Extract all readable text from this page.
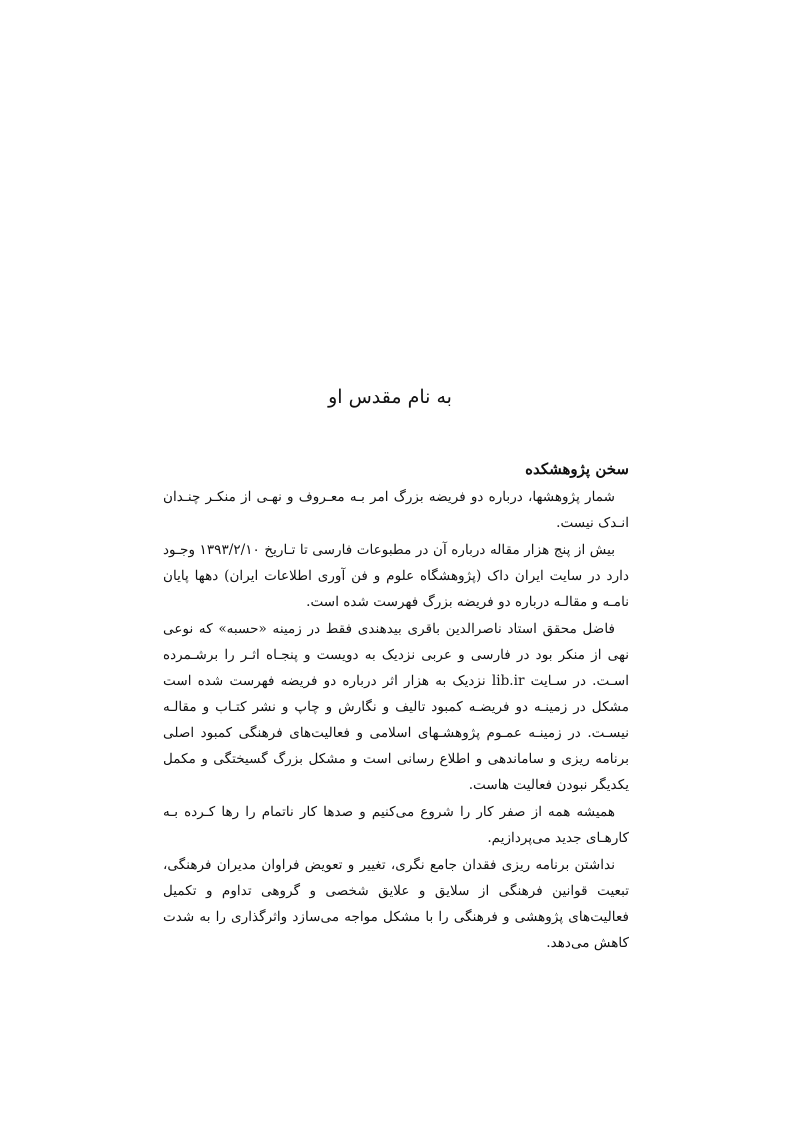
به نام مقدس او
سخن پژوهشکده

شمار پژوهشها، درباره دو فریضه بزرگ امر بـه معـروف و نهـی از منکـر چنـدان انـدک نیست.

بیش از پنج هزار مقاله درباره آن در مطبوعات فارسی تا تـاریخ ۱۳۹۳/۲/۱۰ وجـود دارد در سایت ایران داک (پژوهشگاه علوم و فن آوری اطلاعات ایران) دهها پایان نامـه و مقالـه درباره دو فریضه بزرگ فهرست شده است.

فاضل محقق استاد ناصرالدین باقری بیدهندی فقط در زمینه «حسبه» که نوعی نهی از منکر بود در فارسی و عربی نزدیک به دویست و پنجـاه اثـر را برشـمرده اسـت. در سـایت lib.ir نزدیک به هزار اثر درباره دو فریضه فهرست شده است مشکل در زمینـه دو فریضـه کمبود تالیف و نگارش و چاپ و نشر کتـاب و مقالـه نیسـت. در زمینـه عمـوم پژوهشـهای اسلامی و فعالیت‌های فرهنگی کمبود اصلی برنامه ریزی و ساماندهی و اطلاع رسانی است و مشکل بزرگ گسیختگی و مکمل یکدیگر نبودن فعالیت هاست.

همیشه همه از صفر کار را شروع می‌کنیم و صدها کار ناتمام را رها کـرده بـه کارهـای جدید می‌پردازیم.

نداشتن برنامه ریزی فقدان جامع نگری، تغییر و تعویض فراوان مدیران فرهنگی، تبعیت قوانین فرهنگی از سلایق و علایق شخصی و گروهی تداوم و تکمیل فعالیت‌های پژوهشی و فرهنگی را با مشکل مواجه می‌سازد واثرگذاری را به شدت کاهش می‌دهد.
